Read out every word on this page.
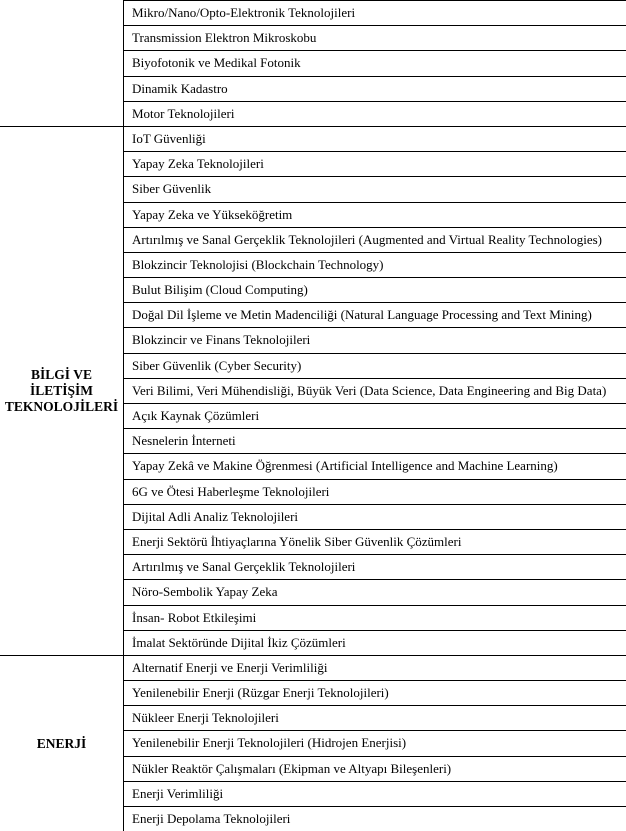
Mikro/Nano/Opto-Elektronik Teknolojileri
Transmission Elektron Mikroskobu
Biyofotonik ve Medikal Fotonik
Dinamik Kadastro
Motor Teknolojileri
BİLGİ VE
İLETİŞİM
TEKNOLOJİLERİ
IoT Güvenliği
Yapay Zeka Teknolojileri
Siber Güvenlik
Yapay Zeka ve Yükseköğretim
Artırılmış ve Sanal Gerçeklik Teknolojileri (Augmented and Virtual Reality Technologies)
Blokzincir Teknolojisi (Blockchain Technology)
Bulut Bilişim (Cloud Computing)
Doğal Dil İşleme ve Metin Madenciliği (Natural Language Processing and Text Mining)
Blokzincir ve Finans Teknolojileri
Siber Güvenlik (Cyber Security)
Veri Bilimi, Veri Mühendisliği, Büyük Veri (Data Science, Data Engineering and Big Data)
Açık Kaynak Çözümleri
Nesnelerin İnterneti
Yapay Zekâ ve Makine Öğrenmesi (Artificial Intelligence and Machine Learning)
6G ve Ötesi Haberleşme Teknolojileri
Dijital Adli Analiz Teknolojileri
Enerji Sektörü İhtiyaçlarına Yönelik Siber Güvenlik Çözümleri
Artırılmış ve Sanal Gerçeklik Teknolojileri
Nöro-Sembolik Yapay Zeka
İnsan- Robot Etkileşimi
İmalat Sektöründe Dijital İkiz Çözümleri
ENERJİ
Alternatif Enerji ve Enerji Verimliliği
Yenilenebilir Enerji (Rüzgar Enerji Teknolojileri)
Nükleer Enerji Teknolojileri
Yenilenebilir Enerji Teknolojileri (Hidrojen Enerjisi)
Nükler Reaktör Çalışmaları (Ekipman ve Altyapı Bileşenleri)
Enerji Verimliliği
Enerji Depolama Teknolojileri
